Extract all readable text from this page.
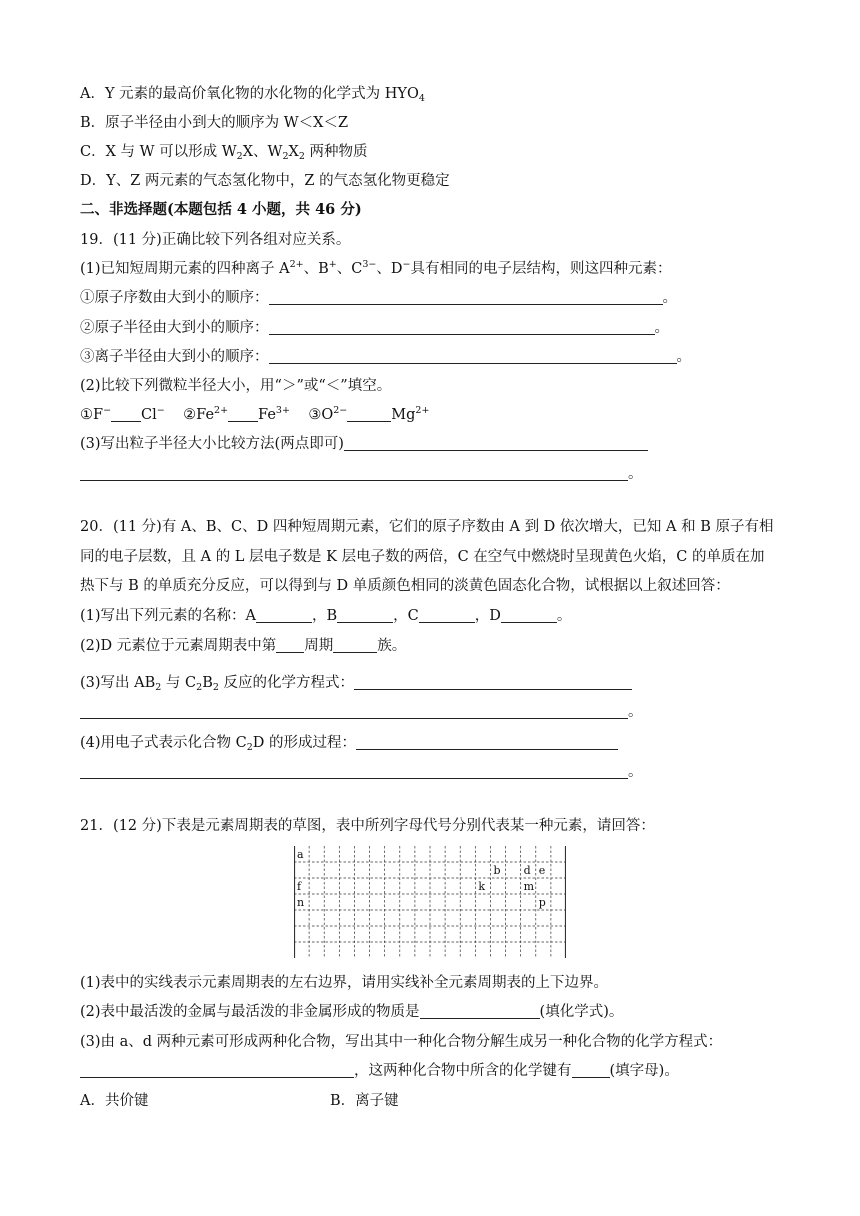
A．Y 元素的最高价氧化物的水化物的化学式为 $HYO_4$
B．原子半径由小到大的顺序为 W＜X＜Z
C．X 与 W 可以形成 $W_2X$、$W_2X_2$ 两种物质
D．Y、Z 两元素的气态氢化物中，Z 的气态氢化物更稳定
二、非选择题(本题包括 4 小题，共 46 分)
19．(11 分)正确比较下列各组对应关系。
(1)已知短周期元素的四种离子 $A^{2+}$、B+、$C^{3-}$、D−具有相同的电子层结构，则这四种元素：
①原子序数由大到小的顺序：	。
②原子半径由大到小的顺序：	。
③离子半径由大到小的顺序：	。
(2)比较下列微粒半径大小，用“＞”或“＜”填空。
①F− Cl− $②Fe^{2+}$ $Fe^{3+}$ $③O^{2-}$	$Mg^{2+}$
(3)写出粒子半径大小比较方法(两点即可)
。
20．(11 分)有 A、B、C、D 四种短周期元素，它们的原子序数由 A 到 D 依次增大，已知 A 和 B 原子有相
同的电子层数，且 A 的 L 层电子数是 K 层电子数的两倍，C 在空气中燃烧时呈现黄色火焰，C 的单质在加
热下与 B 的单质充分反应，可以得到与 D 单质颜色相同的淡黄色固态化合物，试根据以上叙述回答：
(1)写出下列元素的名称：A	，B	，C	，D	。
(2)D 元素位于元素周期表中第 周期	族。
(3)写出 $AB_2$ 与 $C_2B_2$ 反应的化学方程式：
。
(4)用电子式表示化合物 $C_2D$ 的形成过程：
。
21．(12 分)下表是元素周期表的草图，表中所列字母代号分别代表某一种元素，请回答：
a
b d e
f	k	m
n	p
(1)表中的实线表示元素周期表的左右边界，请用实线补全元素周期表的上下边界。
(2)表中最活泼的金属与最活泼的非金属形成的物质是	(填化学式)。
(3)由 a、d 两种元素可形成两种化合物，写出其中一种化合物分解生成另一种化合物的化学方程式：
，这两种化合物中所含的化学键有	(填字母)。
A．共价键	B．离子键
